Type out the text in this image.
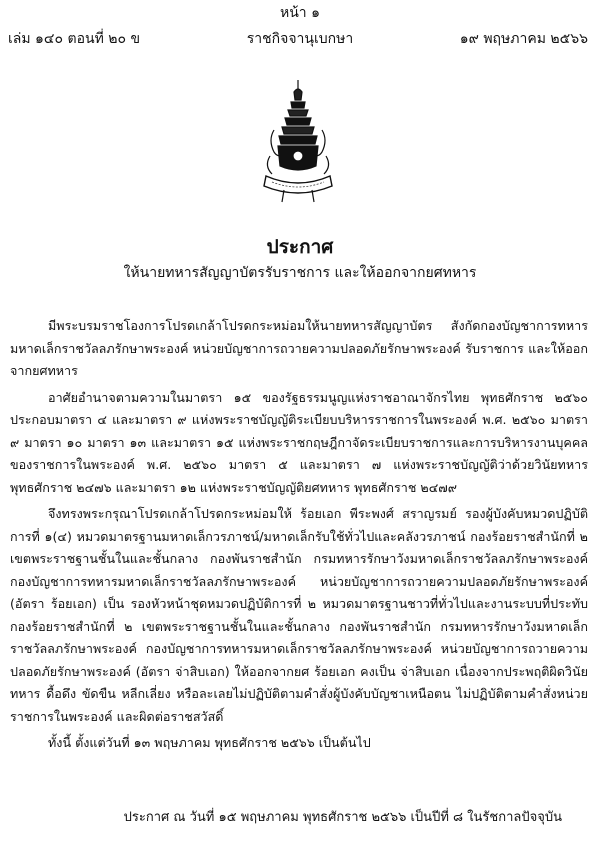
หน้า ๑
เล่ม ๑๔๐ ตอนที่ ๒๐ ข	ราชกิจจานุเบกษา	๑๙ พฤษภาคม ๒๕๖๖
ประกาศ
ให้นายทหารสัญญาบัตรรับราชการ และให้ออกจากยศทหาร

มีพระบรมราชโองการโปรดเกล้าโปรดกระหม่อมให้นายทหารสัญญาบัตร สังกัดกองบัญชาการทหารมหาดเล็กราชวัลลภรักษาพระองค์ หน่วยบัญชาการถวายความปลอดภัยรักษาพระองค์ รับราชการ และให้ออกจากยศทหาร

อาศัยอำนาจตามความในมาตรา ๑๕ ของรัฐธรรมนูญแห่งราชอาณาจักรไทย พุทธศักราช ๒๕๖๐ ประกอบมาตรา ๔ และมาตรา ๙ แห่งพระราชบัญญัติระเบียบบริหารราชการในพระองค์ พ.ศ. ๒๕๖๐ มาตรา ๙ มาตรา ๑๐ มาตรา ๑๓ และมาตรา ๑๕ แห่งพระราชกฤษฎีกาจัดระเบียบราชการและการบริหารงานบุคคลของราชการในพระองค์ พ.ศ. ๒๕๖๐ มาตรา ๕ และมาตรา ๗ แห่งพระราชบัญญัติว่าด้วยวินัยทหาร พุทธศักราช ๒๔๗๖ และมาตรา ๑๒ แห่งพระราชบัญญัติยศทหาร พุทธศักราช ๒๔๗๙

จึงทรงพระกรุณาโปรดเกล้าโปรดกระหม่อมให้ ร้อยเอก พีระพงศ์ สราญรมย์ รองผู้บังคับหมวดปฏิบัติการที่ ๑(๔) หมวดมาตรฐานมหาดเล็กวรภาชน์/มหาดเล็กรับใช้ทั่วไปและคลังวรภาชน์ กองร้อยราชสำนักที่ ๒ เขตพระราชฐานชั้นในและชั้นกลาง กองพันราชสำนัก กรมทหารรักษาวังมหาดเล็กราชวัลลภรักษาพระองค์ กองบัญชาการทหารมหาดเล็กราชวัลลภรักษาพระองค์ หน่วยบัญชาการถวายความปลอดภัยรักษาพระองค์ (อัตรา ร้อยเอก) เป็น รองหัวหน้าชุดหมวดปฏิบัติการที่ ๒ หมวดมาตรฐานชาวที่ทั่วไปและงานระบบที่ประทับ กองร้อยราชสำนักที่ ๒ เขตพระราชฐานชั้นในและชั้นกลาง กองพันราชสำนัก กรมทหารรักษาวังมหาดเล็กราชวัลลภรักษาพระองค์ กองบัญชาการทหารมหาดเล็กราชวัลลภรักษาพระองค์ หน่วยบัญชาการถวายความปลอดภัยรักษาพระองค์ (อัตรา จ่าสิบเอก) ให้ออกจากยศ ร้อยเอก คงเป็น จ่าสิบเอก เนื่องจากประพฤติผิดวินัยทหาร ดื้อดึง ขัดขืน หลีกเลี่ยง หรือละเลยไม่ปฏิบัติตามคำสั่งผู้บังคับบัญชาเหนือตน ไม่ปฏิบัติตามคำสั่งหน่วยราชการในพระองค์ และผิดต่อราชสวัสดิ์

ทั้งนี้ ตั้งแต่วันที่ ๑๓ พฤษภาคม พุทธศักราช ๒๕๖๖ เป็นต้นไป

ประกาศ ณ วันที่ ๑๕ พฤษภาคม พุทธศักราช ๒๕๖๖ เป็นปีที่ ๘ ในรัชกาลปัจจุบัน
